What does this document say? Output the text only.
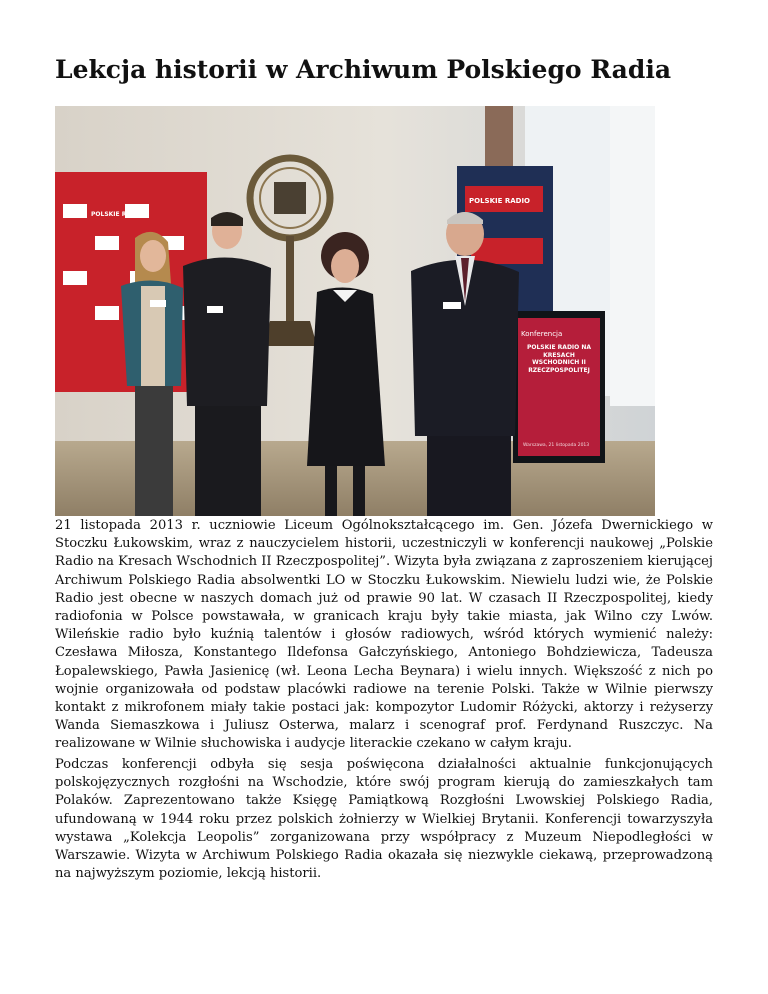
Lekcja historii w Archiwum Polskiego Radia
POLSKIE RADIO
POLSKIE RADIO
Konferencja
POLSKIE RADIO NA KRESACH WSCHODNICH II RZECZPOSPOLITEJ
Warszawa, 21 listopada 2013

21 listopada 2013 r. uczniowie Liceum Ogólnokształcącego im. Gen. Józefa Dwernickiego w Stoczku Łukowskim, wraz z nauczycielem historii, uczestniczyli w konferencji naukowej „Polskie Radio na Kresach Wschodnich II Rzeczpospolitej”. Wizyta była związana z zaproszeniem kierującej Archiwum Polskiego Radia absolwentki LO w Stoczku Łukowskim. Niewielu ludzi wie, że Polskie Radio jest obecne w naszych domach już od prawie 90 lat. W czasach II Rzeczpospolitej, kiedy radiofonia w Polsce powstawała, w granicach kraju były takie miasta, jak Wilno czy Lwów. Wileńskie radio było kuźnią talentów i głosów radiowych, wśród których wymienić należy: Czesława Miłosza, Konstantego Ildefonsa Gałczyńskiego, Antoniego Bohdziewicza, Tadeusza Łopalewskiego, Pawła Jasienicę (wł. Leona Lecha Beynara) i wielu innych. Większość z nich po wojnie organizowała od podstaw placówki radiowe na terenie Polski. Także w Wilnie pierwszy kontakt z mikrofonem miały takie postaci jak: kompozytor Ludomir Różycki, aktorzy i reżyserzy Wanda Siemaszkowa i Juliusz Osterwa, malarz i scenograf prof. Ferdynand Ruszczyc. Na realizowane w Wilnie słuchowiska i audycje literackie czekano w całym kraju.

Podczas konferencji odbyła się sesja poświęcona działalności aktualnie funkcjonujących polskojęzycznych rozgłośni na Wschodzie, które swój program kierują do zamieszkałych tam Polaków. Zaprezentowano także Księgę Pamiątkową Rozgłośni Lwowskiej Polskiego Radia, ufundowaną w 1944 roku przez polskich żołnierzy w Wielkiej Brytanii. Konferencji towarzyszyła wystawa „Kolekcja Leopolis” zorganizowana przy współpracy z Muzeum Niepodległości w Warszawie. Wizyta w Archiwum Polskiego Radia okazała się niezwykle ciekawą, przeprowadzoną na najwyższym poziomie, lekcją historii.
